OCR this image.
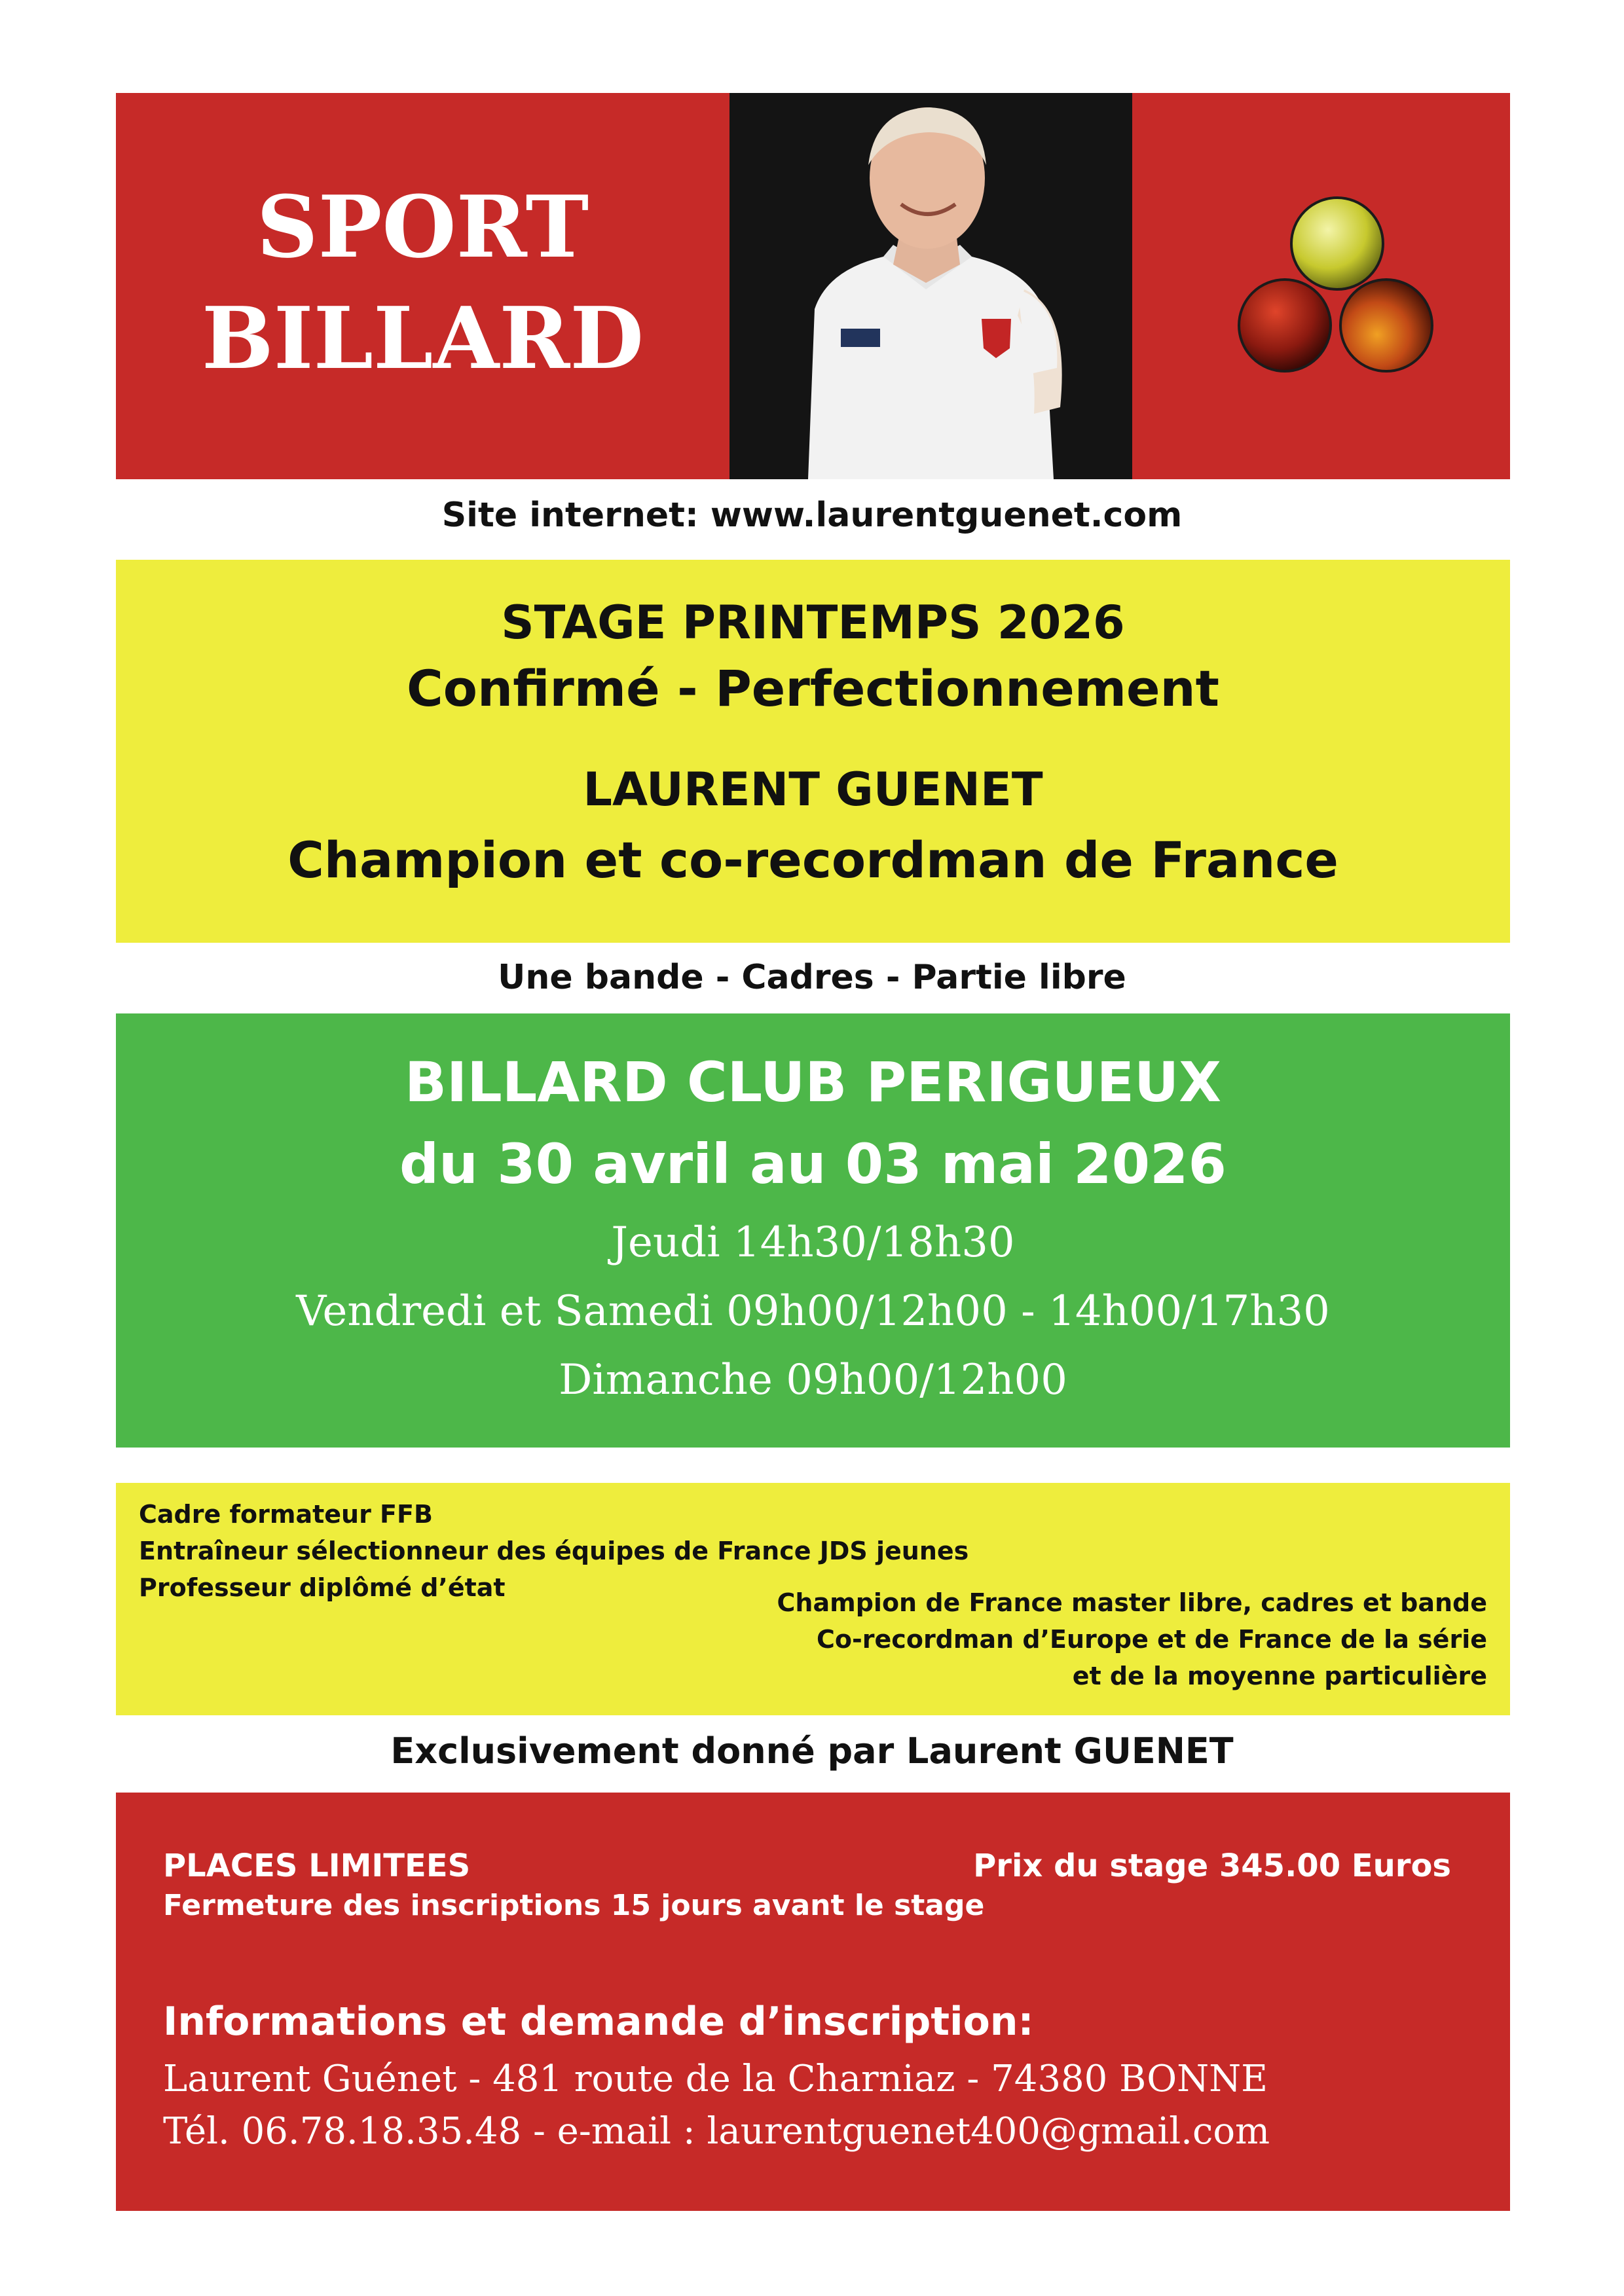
SPORT
BILLARD
Site internet: www.laurentguenet.com
STAGE PRINTEMPS 2026
Confirmé - Perfectionnement
LAURENT GUENET
Champion et co-recordman de France
Une bande - Cadres - Partie libre
BILLARD CLUB PERIGUEUX
du 30 avril au 03 mai 2026
Jeudi 14h30/18h30
Vendredi et Samedi 09h00/12h00 - 14h00/17h30
Dimanche 09h00/12h00
Cadre formateur FFB
Entraîneur sélectionneur des équipes de France JDS jeunes
Professeur diplômé d’état
Champion de France master libre, cadres et bande
Co-recordman d’Europe et de France de la série
et de la moyenne particulière
Exclusivement donné par Laurent GUENET
PLACES LIMITEES	Prix du stage 345.00 Euros
Fermeture des inscriptions 15 jours avant le stage
Informations et demande d’inscription:
Laurent Guénet - 481 route de la Charniaz - 74380 BONNE
Tél. 06.78.18.35.48 - e-mail : laurentguenet400@gmail.com
